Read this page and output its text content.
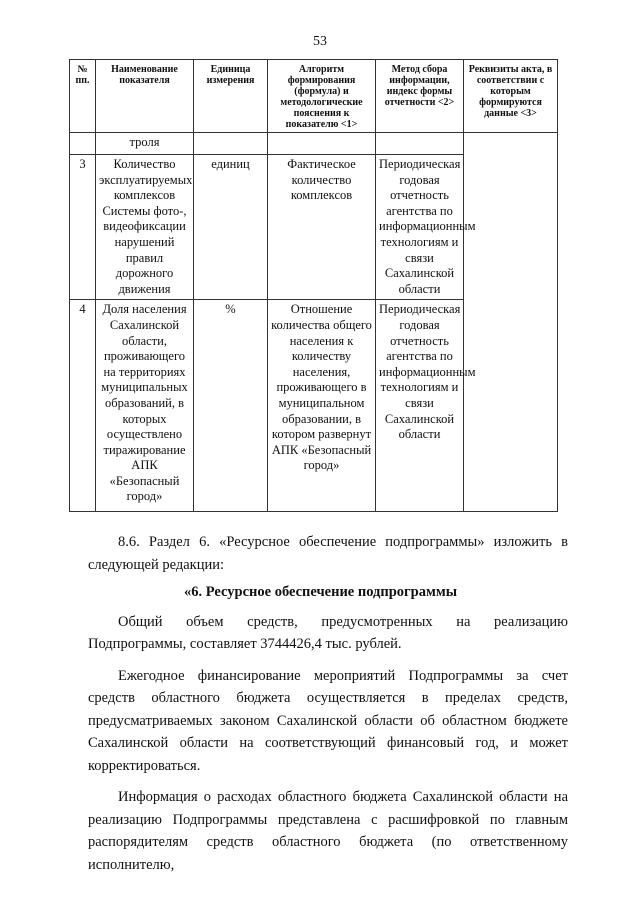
53
№ пп.	Наименование показателя	Единица измерения	Алгоритм формирования (формула) и методологические пояснения к показателю <1>	Метод сбора информации, индекс формы отчетности <2>	Реквизиты акта, в соответствии с которым формируются данные <3>
	троля				
3	Количество эксплуатируемых комплексов Системы фото-, видеофиксации нарушений правил дорожного движения	единиц	Фактическое количество комплексов	Периодическая годовая отчетность агентства по информационным технологиям и связи Сахалинской области	
4	Доля населения Сахалинской области, проживающего на территориях муниципальных образований, в которых осуществлено тиражирование АПК «Безопасный город»	%	Отношение количества общего населения к количеству населения, проживающего в муниципальном образовании, в котором развернут АПК «Безопасный город»	Периодическая годовая отчетность агентства по информационным технологиям и связи Сахалинской области	

8.6. Раздел 6. «Ресурсное обеспечение подпрограммы» изложить в следующей редакции:

«6. Ресурсное обеспечение подпрограммы

Общий объем средств, предусмотренных на реализацию Подпрограммы, составляет 3744426,4 тыс. рублей.

Ежегодное финансирование мероприятий Подпрограммы за счет средств областного бюджета осуществляется в пределах средств, предусматриваемых законом Сахалинской области об областном бюджете Сахалинской области на соответствующий финансовый год, и может корректироваться.

Информация о расходах областного бюджета Сахалинской области на реализацию Подпрограммы представлена с расшифровкой по главным распорядителям средств областного бюджета (по ответственному исполнителю,
